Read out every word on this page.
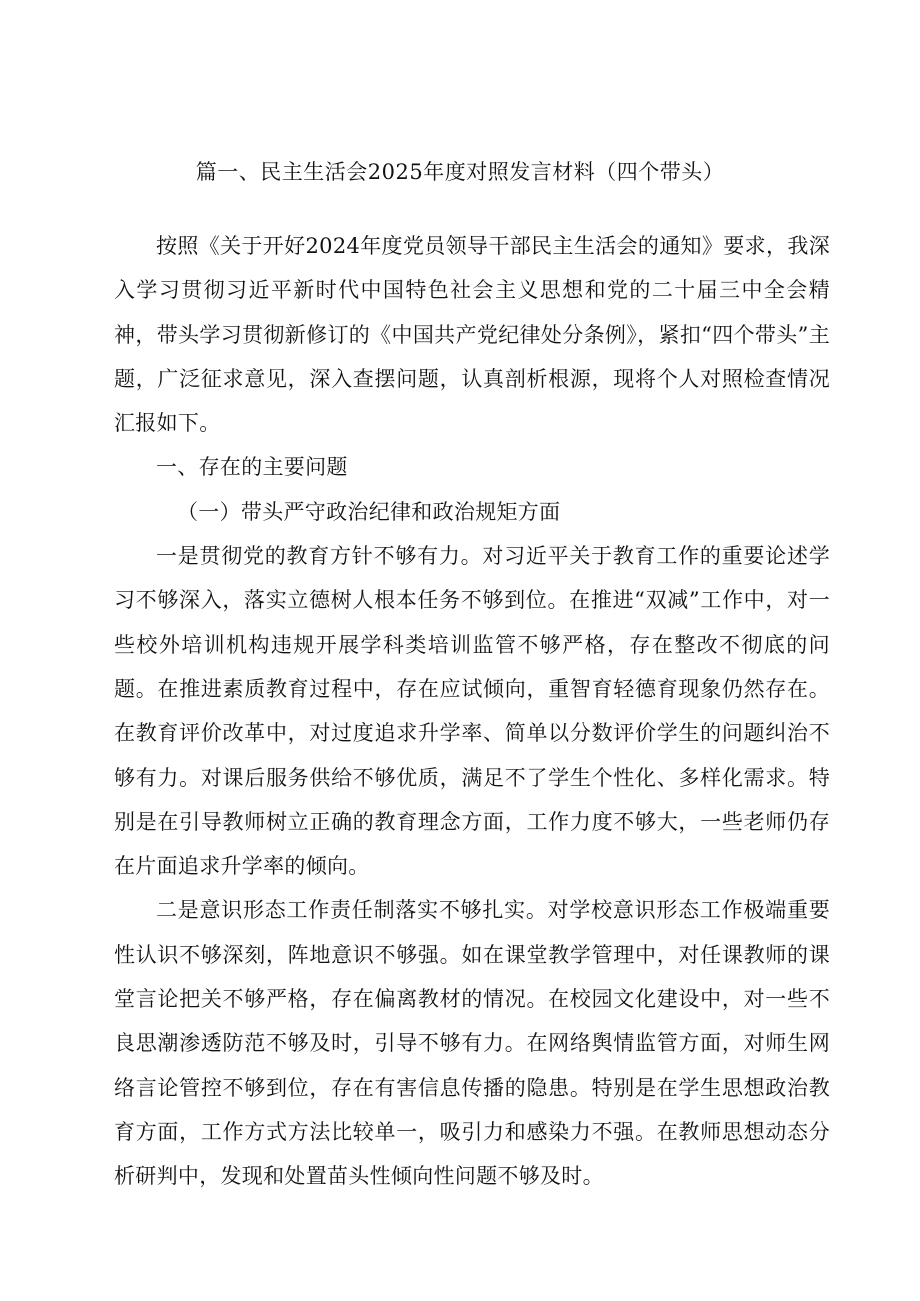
篇一、民主生活会2025年度对照发言材料（四个带头）

按照《关于开好2024年度党员领导干部民主生活会的通知》要求，我深入学习贯彻习近平新时代中国特色社会主义思想和党的二十届三中全会精神，带头学习贯彻新修订的《中国共产党纪律处分条例》，紧扣“四个带头”主题，广泛征求意见，深入查摆问题，认真剖析根源，现将个人对照检查情况汇报如下。

一、存在的主要问题

（一）带头严守政治纪律和政治规矩方面

一是贯彻党的教育方针不够有力。对习近平关于教育工作的重要论述学习不够深入，落实立德树人根本任务不够到位。在推进“双减”工作中，对一些校外培训机构违规开展学科类培训监管不够严格，存在整改不彻底的问题。在推进素质教育过程中，存在应试倾向，重智育轻德育现象仍然存在。在教育评价改革中，对过度追求升学率、简单以分数评价学生的问题纠治不够有力。对课后服务供给不够优质，满足不了学生个性化、多样化需求。特别是在引导教师树立正确的教育理念方面，工作力度不够大，一些老师仍存在片面追求升学率的倾向。

二是意识形态工作责任制落实不够扎实。对学校意识形态工作极端重要性认识不够深刻，阵地意识不够强。如在课堂教学管理中，对任课教师的课堂言论把关不够严格，存在偏离教材的情况。在校园文化建设中，对一些不良思潮渗透防范不够及时，引导不够有力。在网络舆情监管方面，对师生网络言论管控不够到位，存在有害信息传播的隐患。特别是在学生思想政治教育方面，工作方式方法比较单一，吸引力和感染力不强。在教师思想动态分析研判中，发现和处置苗头性倾向性问题不够及时。
